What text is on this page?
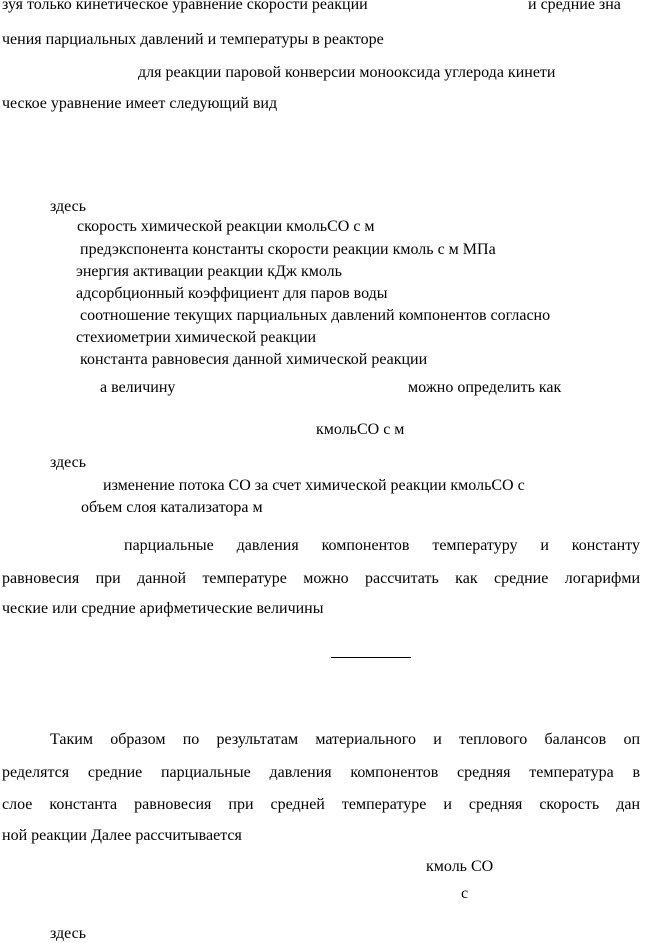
зуя только кинетическое уравнение скорости реакции	и средние зна

чения парциальных давлений и температуры в реакторе

для реакции паровой конверсии монооксида углерода кинети

ческое уравнение имеет следующий вид

здесь

скорость химической реакции кмольСО с м

предэкспонента константы скорости реакции кмоль с м МПа

энергия активации реакции кДж кмоль

адсорбционный коэффициент для паров воды

соотношение текущих парциальных давлений компонентов согласно

стехиометрии химической реакции

константа равновесия данной химической реакции

а величину	можно определить как

кмольСО с м

здесь

изменение потока СО за счет химической реакции кмольСО с

объем слоя катализатора м

парциальные давления компонентов температуру и константу

равновесия при данной температуре можно рассчитать как средние логарифми

ческие или средние арифметические величины

Таким образом по результатам материального и теплового балансов оп

ределятся средние парциальные давления компонентов средняя температура в

слое константа равновесия при средней температуре и средняя скорость дан

ной реакции Далее рассчитывается

кмоль СО

с

здесь
